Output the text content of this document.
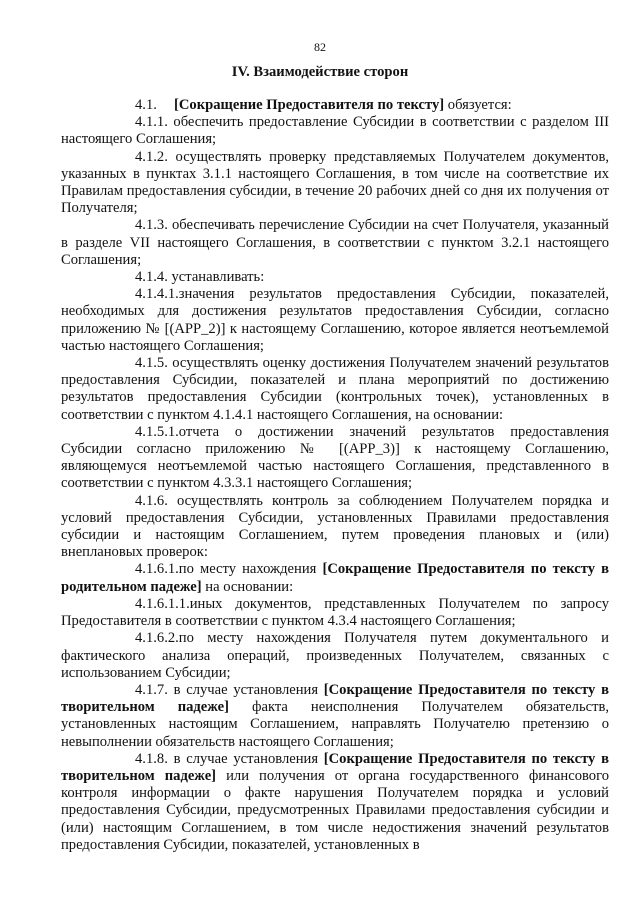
82
IV. Взаимодействие сторон

4.1. [Сокращение Предоставителя по тексту] обязуется:

4.1.1. обеспечить предоставление Субсидии в соответствии с разделом III настоящего Соглашения;

4.1.2. осуществлять проверку представляемых Получателем документов, указанных в пунктах 3.1.1 настоящего Соглашения, в том числе на соответствие их Правилам предоставления субсидии, в течение 20 рабочих дней со дня их получения от Получателя;

4.1.3. обеспечивать перечисление Субсидии на счет Получателя, указанный в разделе VII настоящего Соглашения, в соответствии с пунктом 3.2.1 настоящего Соглашения;

4.1.4. устанавливать:

4.1.4.1.значения результатов предоставления Субсидии, показателей, необходимых для достижения результатов предоставления Субсидии, согласно приложению № [(APP_2)] к настоящему Соглашению, которое является неотъемлемой частью настоящего Соглашения;

4.1.5. осуществлять оценку достижения Получателем значений результатов предоставления Субсидии, показателей и плана мероприятий по достижению результатов предоставления Субсидии (контрольных точек), установленных в соответствии с пунктом 4.1.4.1 настоящего Соглашения, на основании:

4.1.5.1.отчета о достижении значений результатов предоставления Субсидии согласно приложению № [(APP_3)] к настоящему Соглашению, являющемуся неотъемлемой частью настоящего Соглашения, представленного в соответствии с пунктом 4.3.3.1 настоящего Соглашения;

4.1.6. осуществлять контроль за соблюдением Получателем порядка и условий предоставления Субсидии, установленных Правилами предоставления субсидии и настоящим Соглашением, путем проведения плановых и (или) внеплановых проверок:

4.1.6.1.по месту нахождения [Сокращение Предоставителя по тексту в родительном падеже] на основании:

4.1.6.1.1.иных документов, представленных Получателем по запросу Предоставителя в соответствии с пунктом 4.3.4 настоящего Соглашения;

4.1.6.2.по месту нахождения Получателя путем документального и фактического анализа операций, произведенных Получателем, связанных с использованием Субсидии;

4.1.7. в случае установления [Сокращение Предоставителя по тексту в творительном падеже] факта неисполнения Получателем обязательств, установленных настоящим Соглашением, направлять Получателю претензию о невыполнении обязательств настоящего Соглашения;

4.1.8. в случае установления [Сокращение Предоставителя по тексту в творительном падеже] или получения от органа государственного финансового контроля информации о факте нарушения Получателем порядка и условий предоставления Субсидии, предусмотренных Правилами предоставления субсидии и (или) настоящим Соглашением, в том числе недостижения значений результатов предоставления Субсидии, показателей, установленных в
